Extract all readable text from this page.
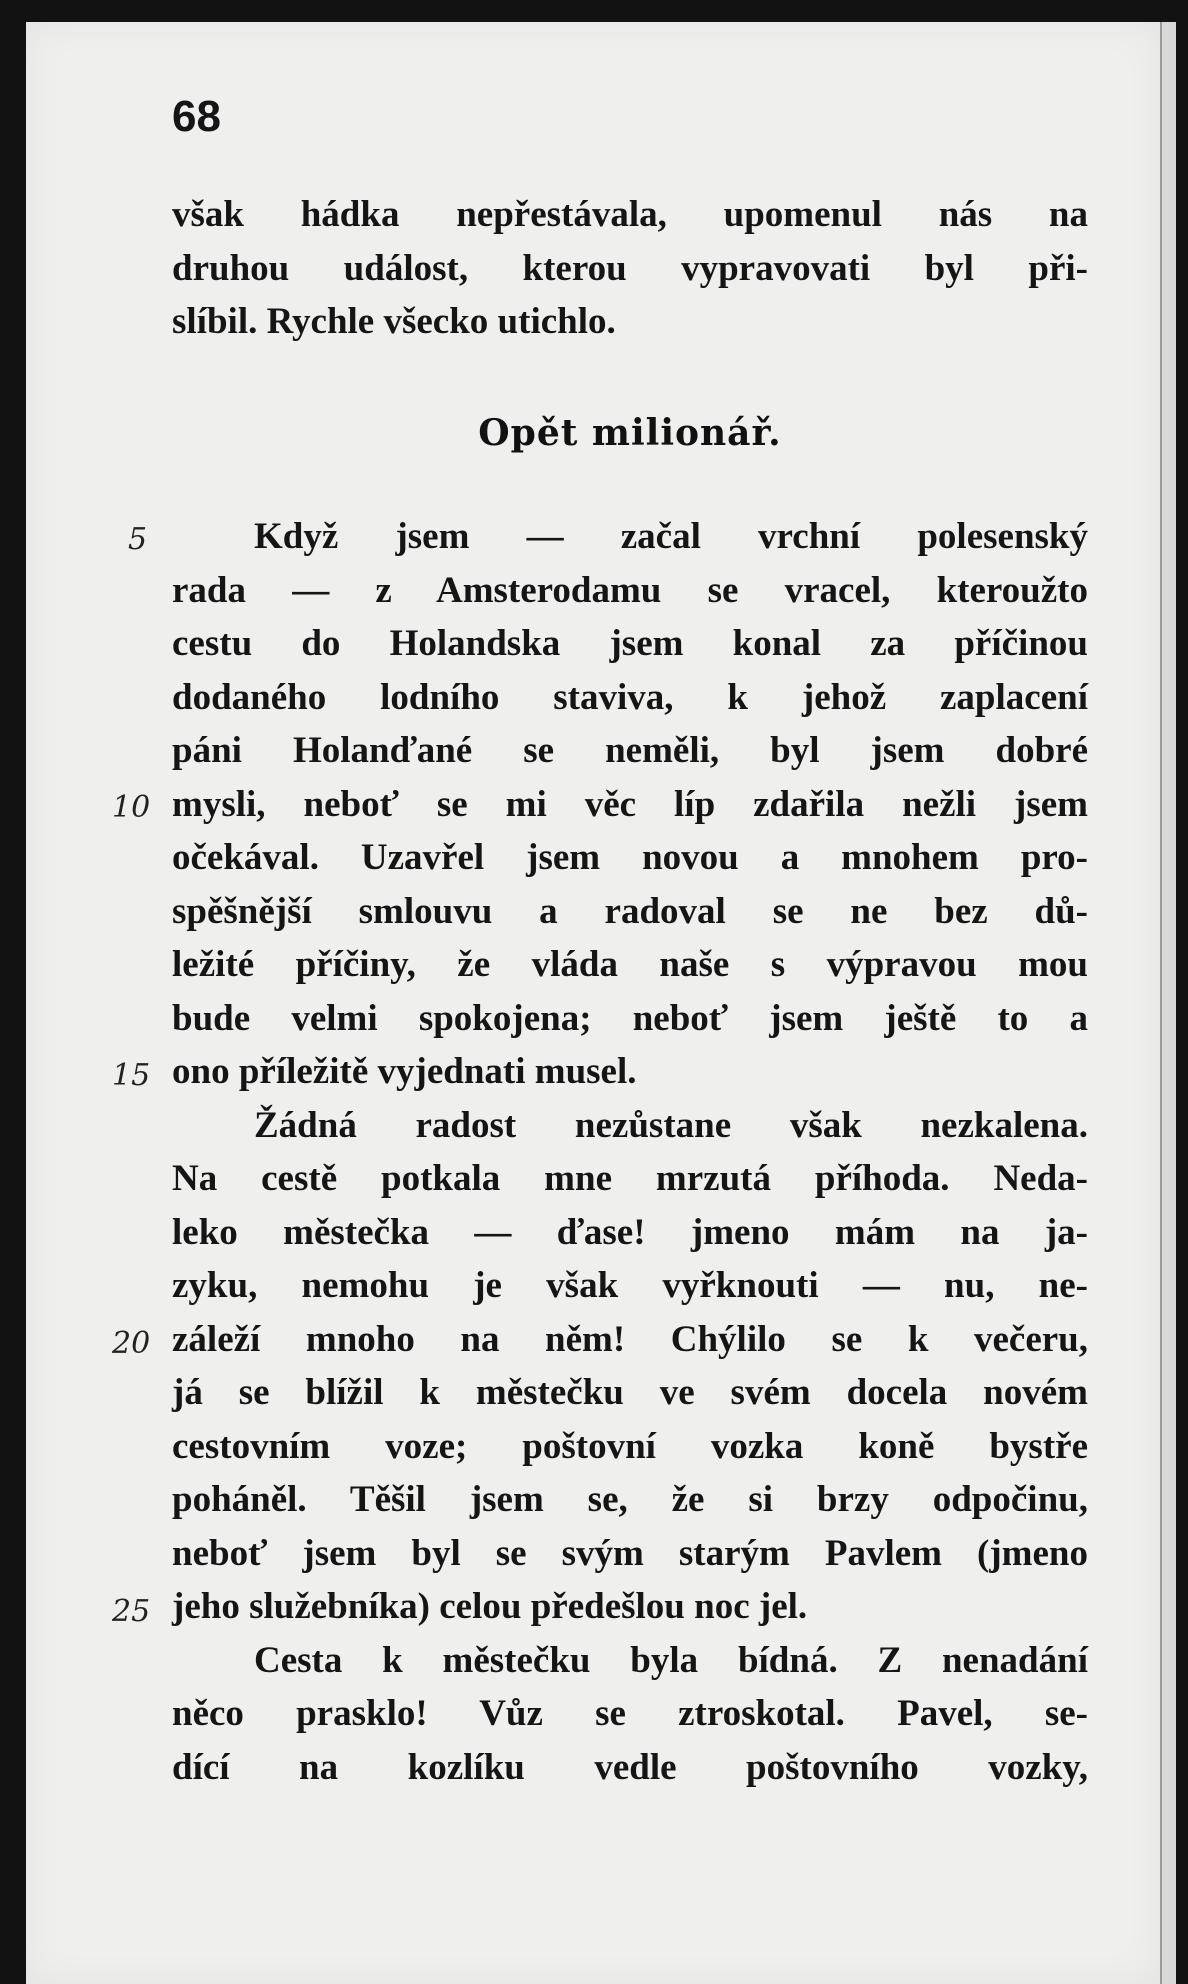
68
však hádka nepřestávala, upomenul nás na
druhou událost, kterou vypravovati byl při-
slíbil. Rychle všecko utichlo.
Opět milionář.
Když jsem — začal vrchní polesenský
rada — z Amsterodamu se vracel, kteroužto
cestu do Holandska jsem konal za příčinou
dodaného lodního staviva, k jehož zaplacení
páni Holanďané se neměli, byl jsem dobré
mysli, neboť se mi věc líp zdařila nežli jsem
očekával. Uzavřel jsem novou a mnohem pro-
spěšnější smlouvu a radoval se ne bez dů-
ležité příčiny, že vláda naše s výpravou mou
bude velmi spokojena; neboť jsem ještě to a
ono příležitě vyjednati musel.
Žádná radost nezůstane však nezkalena.
Na cestě potkala mne mrzutá příhoda. Neda-
leko městečka — ďase! jmeno mám na ja-
zyku, nemohu je však vyřknouti — nu, ne-
záleží mnoho na něm! Chýlilo se k večeru,
já se blížil k městečku ve svém docela novém
cestovním voze; poštovní vozka koně bystře
poháněl. Těšil jsem se, že si brzy odpočinu,
neboť jsem byl se svým starým Pavlem (jmeno
jeho služebníka) celou předešlou noc jel.
Cesta k městečku byla bídná. Z nenadání
něco prasklo! Vůz se ztroskotal. Pavel, se-
dící na kozlíku vedle poštovního vozky,
5
10
15
20
25
